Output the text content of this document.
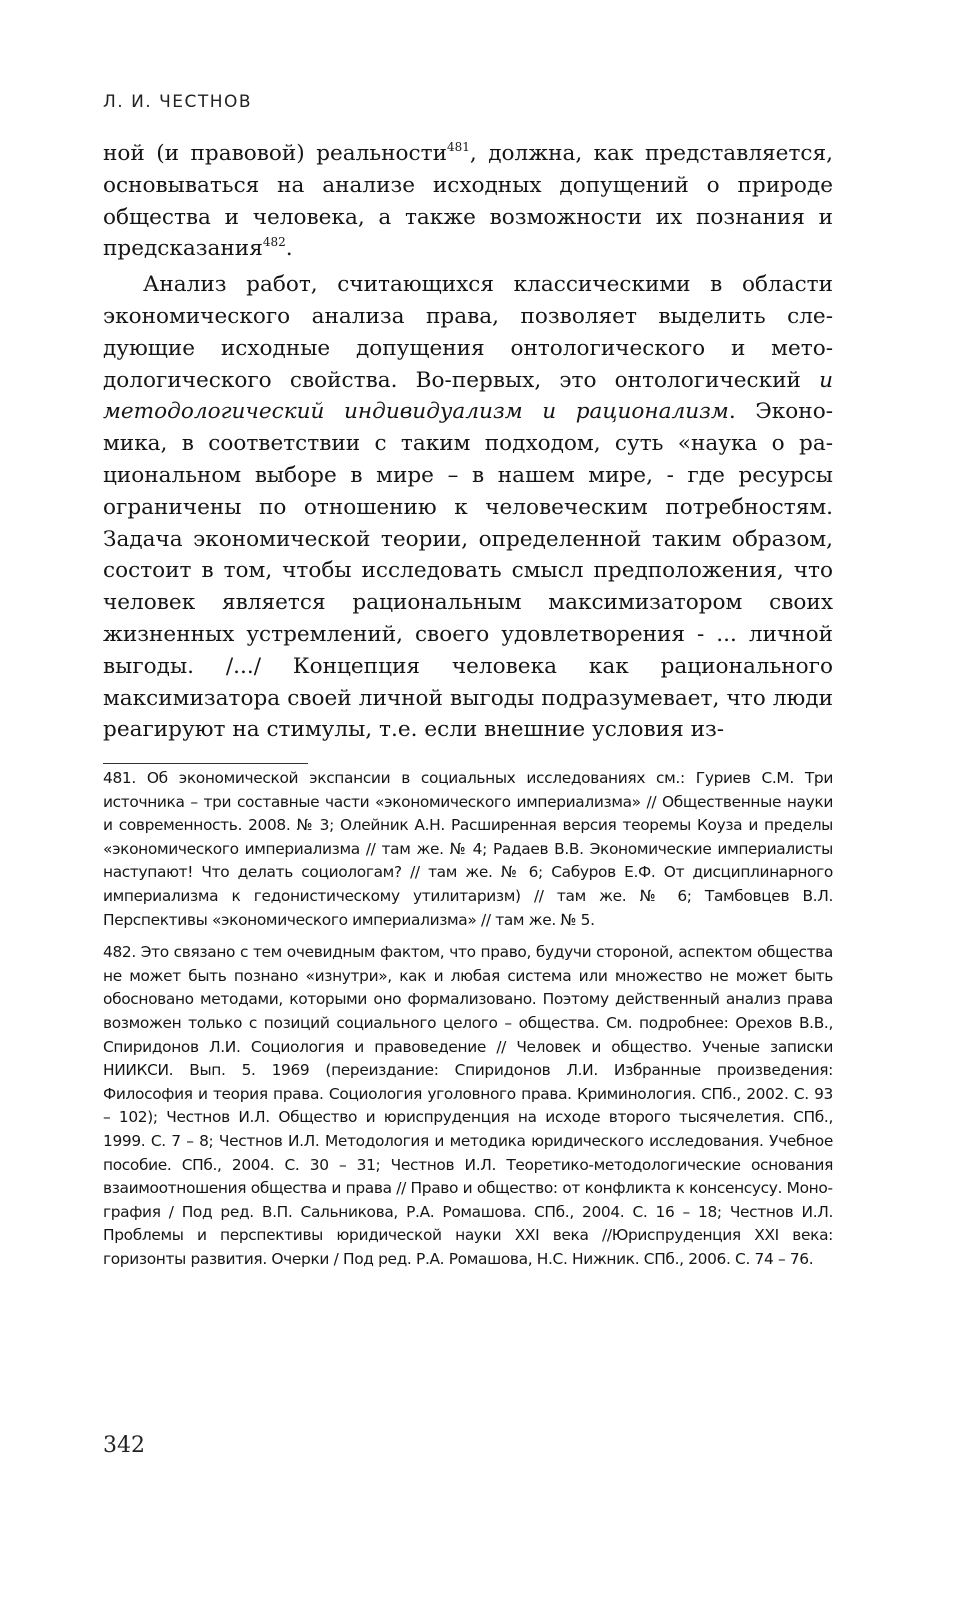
Л. И. ЧЕСТНОВ

ной (и правовой) реальности$^{481}$, должна, как представляется, основываться на анализе исходных допущений о природе общества и человека, а также возможности их познания и предсказания$^{482}$.

Анализ работ, считающихся классическими в области экономического анализа права, позволяет выделить следующие исходные допущения онтологического и методологического свойства. Во-первых, это онтологический и методологический индивидуализм и рационализм. Экономика, в соответствии с таким подходом, суть «наука о рациональном выборе в мире – в нашем мире, - где ресурсы ограничены по отношению к человеческим потребностям. Задача экономической теории, определенной таким образом, состоит в том, чтобы исследовать смысл предположения, что человек является рациональным максимизатором своих жизненных устремлений, своего удовлетворения - ... личной выгоды. /.../ Концепция человека как рационального максимизатора своей личной выгоды подразумевает, что люди реагируют на стимулы, т.е. если внешние условия из-

481. Об экономической экспансии в социальных исследованиях см.: Гуриев С.М. Три источника – три составные части «экономического империализма» // Общественные науки и современность. 2008. № 3; Олейник А.Н. Расширенная версия теоремы Коуза и пределы «экономического империализма // там же. № 4; Радаев В.В. Экономические империалисты наступают! Что делать социологам? // там же. № 6; Сабуров Е.Ф. От дисциплинарного империализма к гедонистическому утилитаризм) // там же. № 6; Тамбовцев В.Л. Перспективы «экономического империализма» // там же. № 5.

482. Это связано с тем очевидным фактом, что право, будучи стороной, аспектом общества не может быть познано «изнутри», как и любая система или множество не может быть обосновано методами, которыми оно формализовано. Поэтому действенный анализ права возможен только с позиций социального целого – общества. См. подробнее: Орехов В.В., Спиридонов Л.И. Социология и правоведение // Человек и общество. Ученые записки НИИКСИ. Вып. 5. 1969 (переиздание: Спиридонов Л.И. Избранные произведения: Философия и теория права. Социология уголовного права. Криминология. СПб., 2002. С. 93 – 102); Честнов И.Л. Общество и юриспруденция на исходе второго тысячелетия. СПб., 1999. С. 7 – 8; Честнов И.Л. Методология и методика юридического исследования. Учебное пособие. СПб., 2004. С. 30 – 31; Честнов И.Л. Теоретико-методологические основания взаимоотношения общества и права // Право и общество: от конфликта к консенсусу. Монография / Под ред. В.П. Сальникова, Р.А. Ромашова. СПб., 2004. С. 16 – 18; Честнов И.Л. Проблемы и перспективы юридической науки XXI века //Юриспруденция XXI века: горизонты развития. Очерки / Под ред. Р.А. Ромашова, Н.С. Нижник. СПб., 2006. С. 74 – 76.

342
